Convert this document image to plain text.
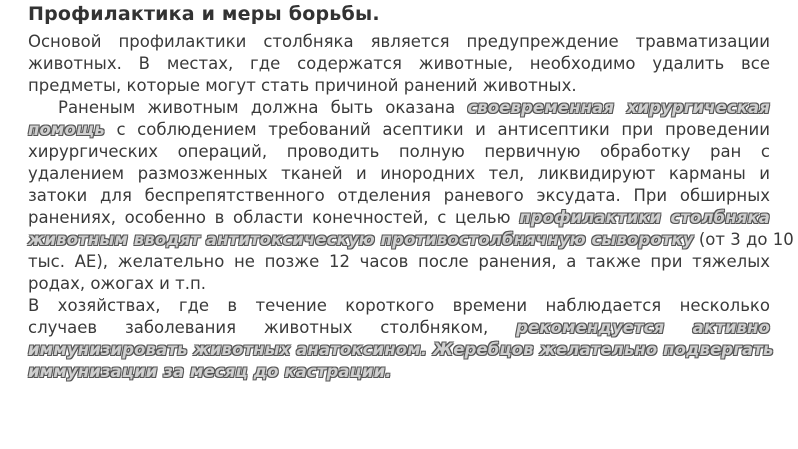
Профилактика и меры борьбы.
Основой профилактики столбняка является предупреждение травматизации
животных. В местах, где содержатся животные, необходимо удалить все
предметы, которые могут стать причиной ранений животных.
Раненым животным должна быть оказана своевременная хирургическая
помощь с соблюдением требований асептики и антисептики при проведении
хирургических операций, проводить полную первичную обработку ран с
удалением размозженных тканей и инородних тел, ликвидируют карманы и
затоки для беспрепятственного отделения раневого эксудата. При обширных
ранениях, особенно в области конечностей, с целью профилактики столбняка
животным вводят антитоксическую противостолбнячную сыворотку (от 3 до 10
тыс. АЕ), желательно не позже 12 часов после ранения, а также при тяжелых
родах, ожогах и т.п.
В хозяйствах, где в течение короткого времени наблюдается несколько
случаев заболевания животных столбняком, рекомендуется активно
иммунизировать животных анатоксином. Жеребцов желательно подвергать
иммунизации за месяц до кастрации.
